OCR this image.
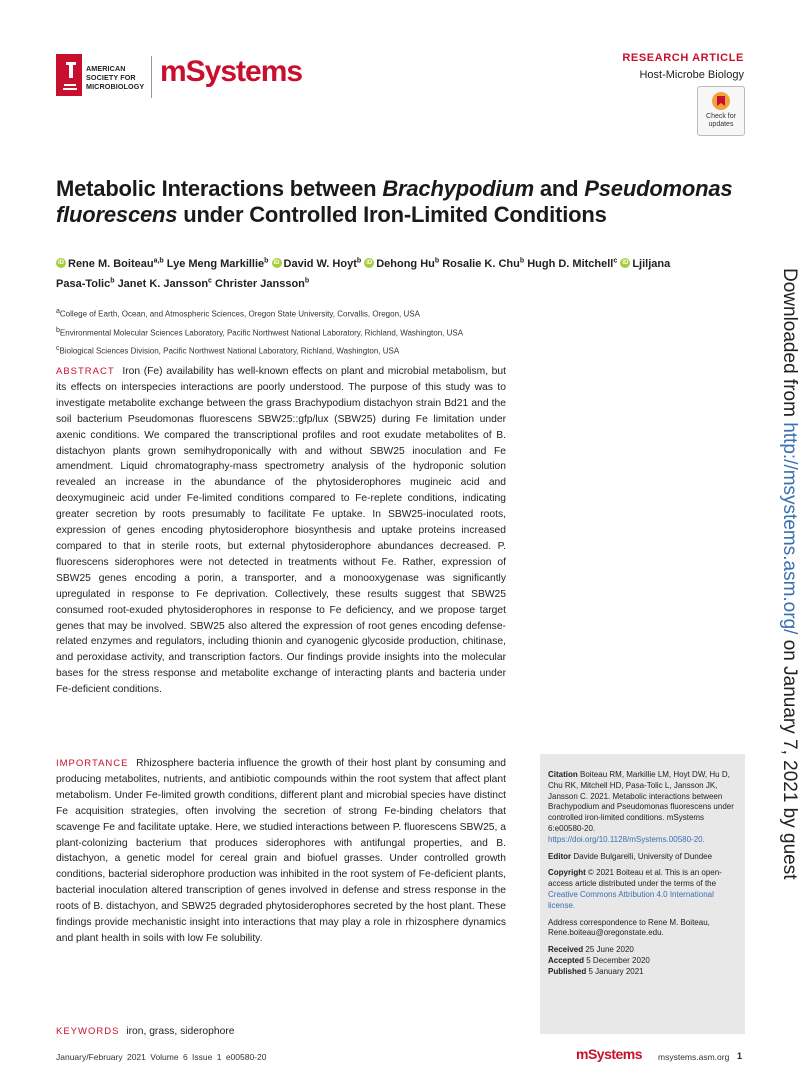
AMERICAN
SOCIETY FOR
MICROBIOLOGY mSystems	RESEARCH ARTICLE
Host-Microbe Biology
Check for updates
Metabolic Interactions between Brachypodium and Pseudomonas fluorescens under Controlled Iron-Limited Conditions
iD Rene M. Boiteau$^{a,b}$ Lye Meng Markillie$^b$ iD David W. Hoyt$^b$ iD Dehong Hu$^b$ Rosalie K. Chu$^b$ Hugh D. Mitchell$^c$ iD Ljiljana Pasa-Tolic$^b$ Janet K. Jansson$^c$ Christer Jansson$^b$
$^a$College of Earth, Ocean, and Atmospheric Sciences, Oregon State University, Corvallis, Oregon, USA
$^b$Environmental Molecular Sciences Laboratory, Pacific Northwest National Laboratory, Richland, Washington, USA
$^c$Biological Sciences Division, Pacific Northwest National Laboratory, Richland, Washington, USA
ABSTRACT Iron (Fe) availability has well-known effects on plant and microbial metabolism, but its effects on interspecies interactions are poorly understood. The purpose of this study was to investigate metabolite exchange between the grass Brachypodium distachyon strain Bd21 and the soil bacterium Pseudomonas fluorescens SBW25::gfp/lux (SBW25) during Fe limitation under axenic conditions. We compared the transcriptional profiles and root exudate metabolites of B. distachyon plants grown semihydroponically with and without SBW25 inoculation and Fe amendment. Liquid chromatography-mass spectrometry analysis of the hydroponic solution revealed an increase in the abundance of the phytosiderophores mugineic acid and deoxymugineic acid under Fe-limited conditions compared to Fe-replete conditions, indicating greater secretion by roots presumably to facilitate Fe uptake. In SBW25-inoculated roots, expression of genes encoding phytosiderophore biosynthesis and uptake proteins increased compared to that in sterile roots, but external phytosiderophore abundances decreased. P. fluorescens siderophores were not detected in treatments without Fe. Rather, expression of SBW25 genes encoding a porin, a transporter, and a monooxygenase was significantly upregulated in response to Fe deprivation. Collectively, these results suggest that SBW25 consumed root-exuded phytosiderophores in response to Fe deficiency, and we propose target genes that may be involved. SBW25 also altered the expression of root genes encoding defense-related enzymes and regulators, including thionin and cyanogenic glycoside production, chitinase, and peroxidase activity, and transcription factors. Our findings provide insights into the molecular bases for the stress response and metabolite exchange of interacting plants and bacteria under Fe-deficient conditions.
IMPORTANCE Rhizosphere bacteria influence the growth of their host plant by consuming and producing metabolites, nutrients, and antibiotic compounds within the root system that affect plant metabolism. Under Fe-limited growth conditions, different plant and microbial species have distinct Fe acquisition strategies, often involving the secretion of strong Fe-binding chelators that scavenge Fe and facilitate uptake. Here, we studied interactions between P. fluorescens SBW25, a plant-colonizing bacterium that produces siderophores with antifungal properties, and B. distachyon, a genetic model for cereal grain and biofuel grasses. Under controlled growth conditions, bacterial siderophore production was inhibited in the root system of Fe-deficient plants, bacterial inoculation altered transcription of genes involved in defense and stress response in the roots of B. distachyon, and SBW25 degraded phytosiderophores secreted by the host plant. These findings provide mechanistic insight into interactions that may play a role in rhizosphere dynamics and plant health in soils with low Fe solubility.
KEYWORDS iron, grass, siderophore

Citation Boiteau RM, Markillie LM, Hoyt DW, Hu D, Chu RK, Mitchell HD, Pasa-Tolic L, Jansson JK, Jansson C. 2021. Metabolic interactions between Brachypodium and Pseudomonas fluorescens under controlled iron-limited conditions. mSystems 6:e00580-20. https://doi.org/10.1128/mSystems.00580-20.

Editor Davide Bulgarelli, University of Dundee

Copyright © 2021 Boiteau et al. This is an open-access article distributed under the terms of the Creative Commons Attribution 4.0 International license.

Address correspondence to Rene M. Boiteau, Rene.boiteau@oregonstate.edu.

Received 25 June 2020
Accepted 5 December 2020
Published 5 January 2021
Downloaded from http://msystems.asm.org/ on January 7, 2021 by guest
January/February 2021 Volume 6 Issue 1 e00580-20	mSystems msystems.asm.org 1
